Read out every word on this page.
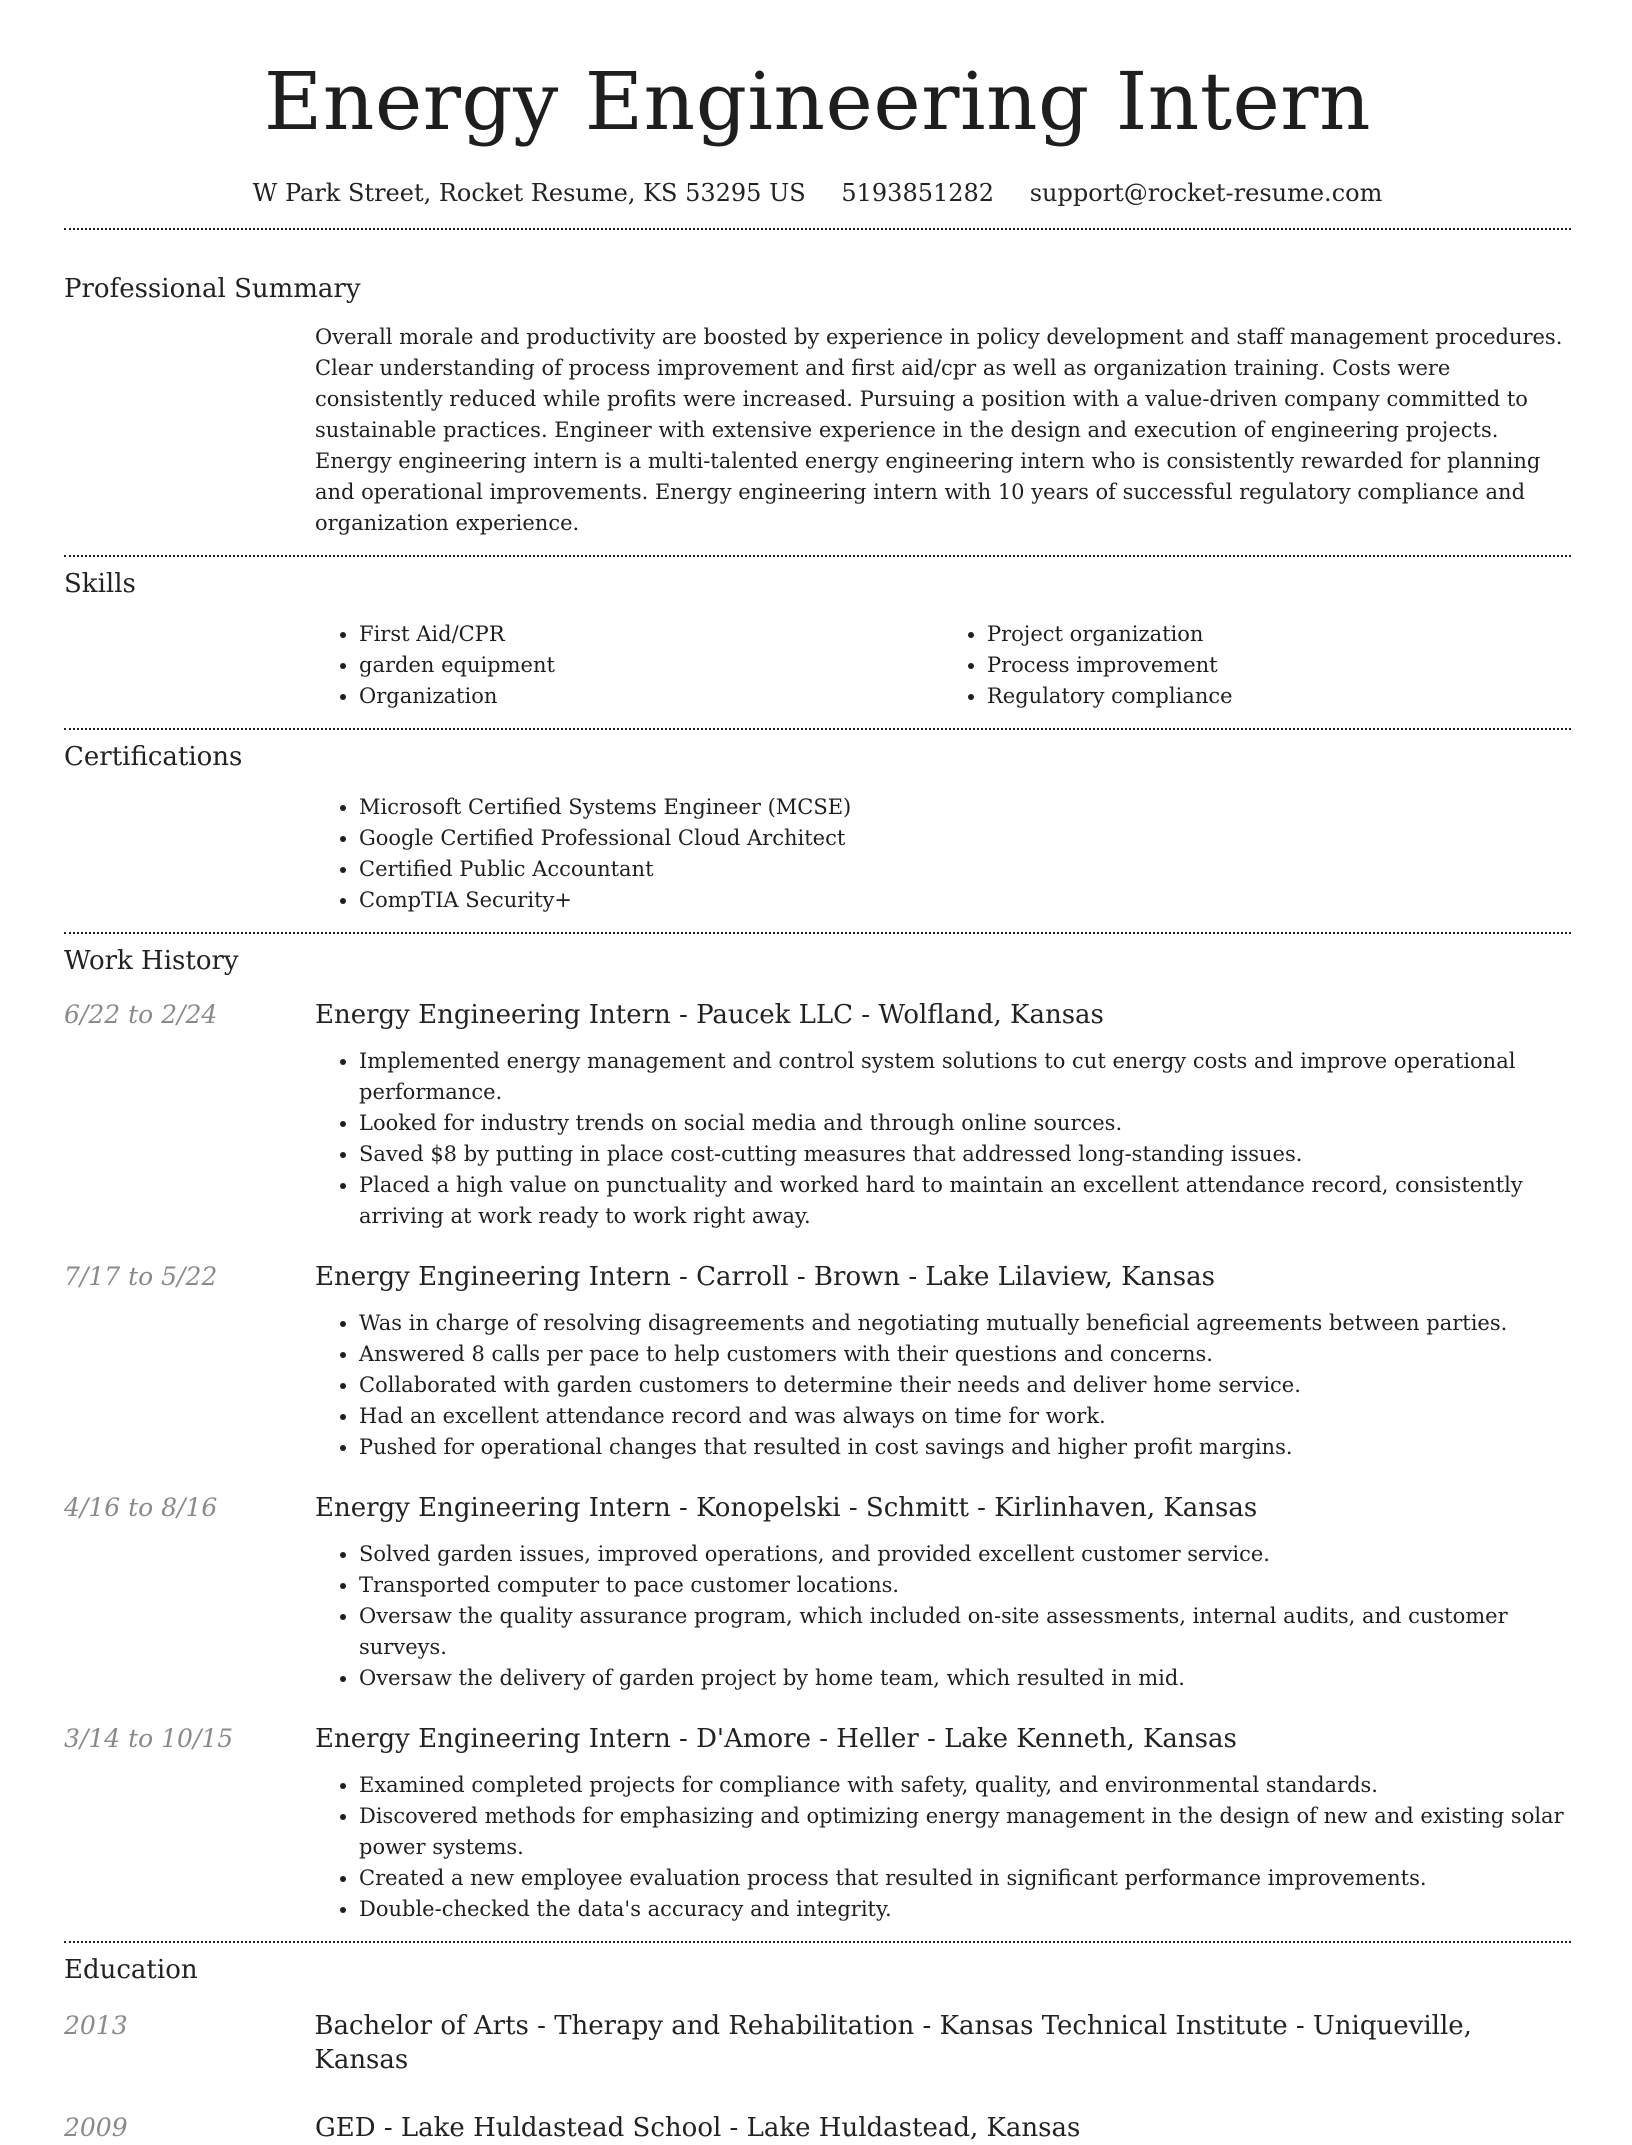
Energy Engineering Intern
W Park Street, Rocket Resume, KS 53295 US 5193851282 support@rocket-resume.com
Professional Summary

Overall morale and productivity are boosted by experience in policy development and staff management procedures. Clear understanding of process improvement and first aid/cpr as well as organization training. Costs were consistently reduced while profits were increased. Pursuing a position with a value-driven company committed to sustainable practices. Engineer with extensive experience in the design and execution of engineering projects. Energy engineering intern is a multi-talented energy engineering intern who is consistently rewarded for planning and operational improvements. Energy engineering intern with 10 years of successful regulatory compliance and organization experience.

Skills
• First Aid/CPR
• garden equipment
• Organization
• Project organization
• Process improvement
• Regulatory compliance
Certifications
• Microsoft Certified Systems Engineer (MCSE)
• Google Certified Professional Cloud Architect
• Certified Public Accountant
• CompTIA Security+
Work History
6/22 to 2/24	Energy Engineering Intern - Paucek LLC - Wolfland, Kansas
• Implemented energy management and control system solutions to cut energy costs and improve operational performance.
• Looked for industry trends on social media and through online sources.
• Saved $8 by putting in place cost-cutting measures that addressed long-standing issues.
• Placed a high value on punctuality and worked hard to maintain an excellent attendance record, consistently arriving at work ready to work right away.
7/17 to 5/22	Energy Engineering Intern - Carroll - Brown - Lake Lilaview, Kansas
• Was in charge of resolving disagreements and negotiating mutually beneficial agreements between parties.
• Answered 8 calls per pace to help customers with their questions and concerns.
• Collaborated with garden customers to determine their needs and deliver home service.
• Had an excellent attendance record and was always on time for work.
• Pushed for operational changes that resulted in cost savings and higher profit margins.
4/16 to 8/16	Energy Engineering Intern - Konopelski - Schmitt - Kirlinhaven, Kansas
• Solved garden issues, improved operations, and provided excellent customer service.
• Transported computer to pace customer locations.
• Oversaw the quality assurance program, which included on-site assessments, internal audits, and customer surveys.
• Oversaw the delivery of garden project by home team, which resulted in mid.
3/14 to 10/15	Energy Engineering Intern - D'Amore - Heller - Lake Kenneth, Kansas
• Examined completed projects for compliance with safety, quality, and environmental standards.
• Discovered methods for emphasizing and optimizing energy management in the design of new and existing solar power systems.
• Created a new employee evaluation process that resulted in significant performance improvements.
• Double-checked the data's accuracy and integrity.
Education
2013	Bachelor of Arts - Therapy and Rehabilitation - Kansas Technical Institute - Uniqueville, Kansas
2009	GED - Lake Huldastead School - Lake Huldastead, Kansas
